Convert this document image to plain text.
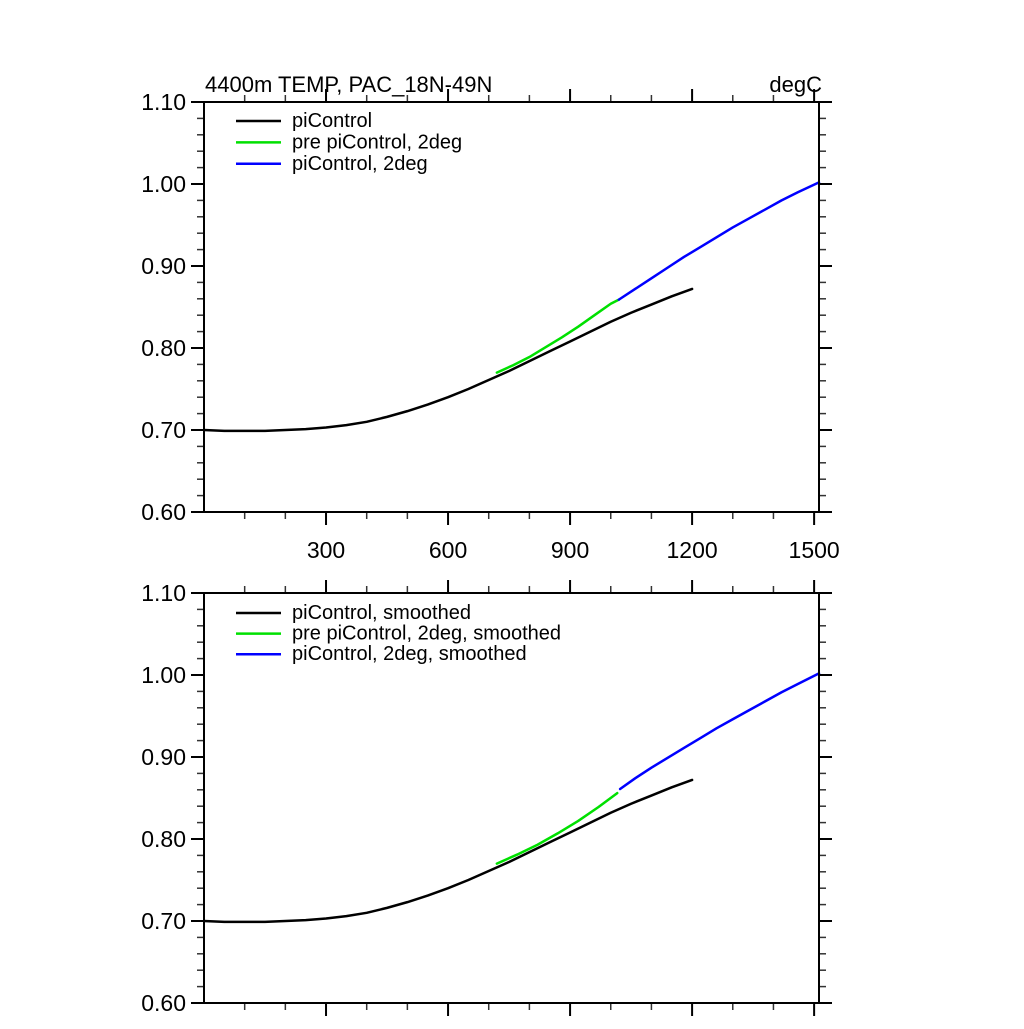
4400m TEMP, PAC_18N-49N	degC
300	600	900	1200	1500
0.60
0.70
0.80
0.90
1.00
1.10
piControl
pre piControl, 2deg
piControl, 2deg
0.60
0.70
0.80
0.90
1.00
1.10
piControl, smoothed
pre piControl, 2deg, smoothed
piControl, 2deg, smoothed
